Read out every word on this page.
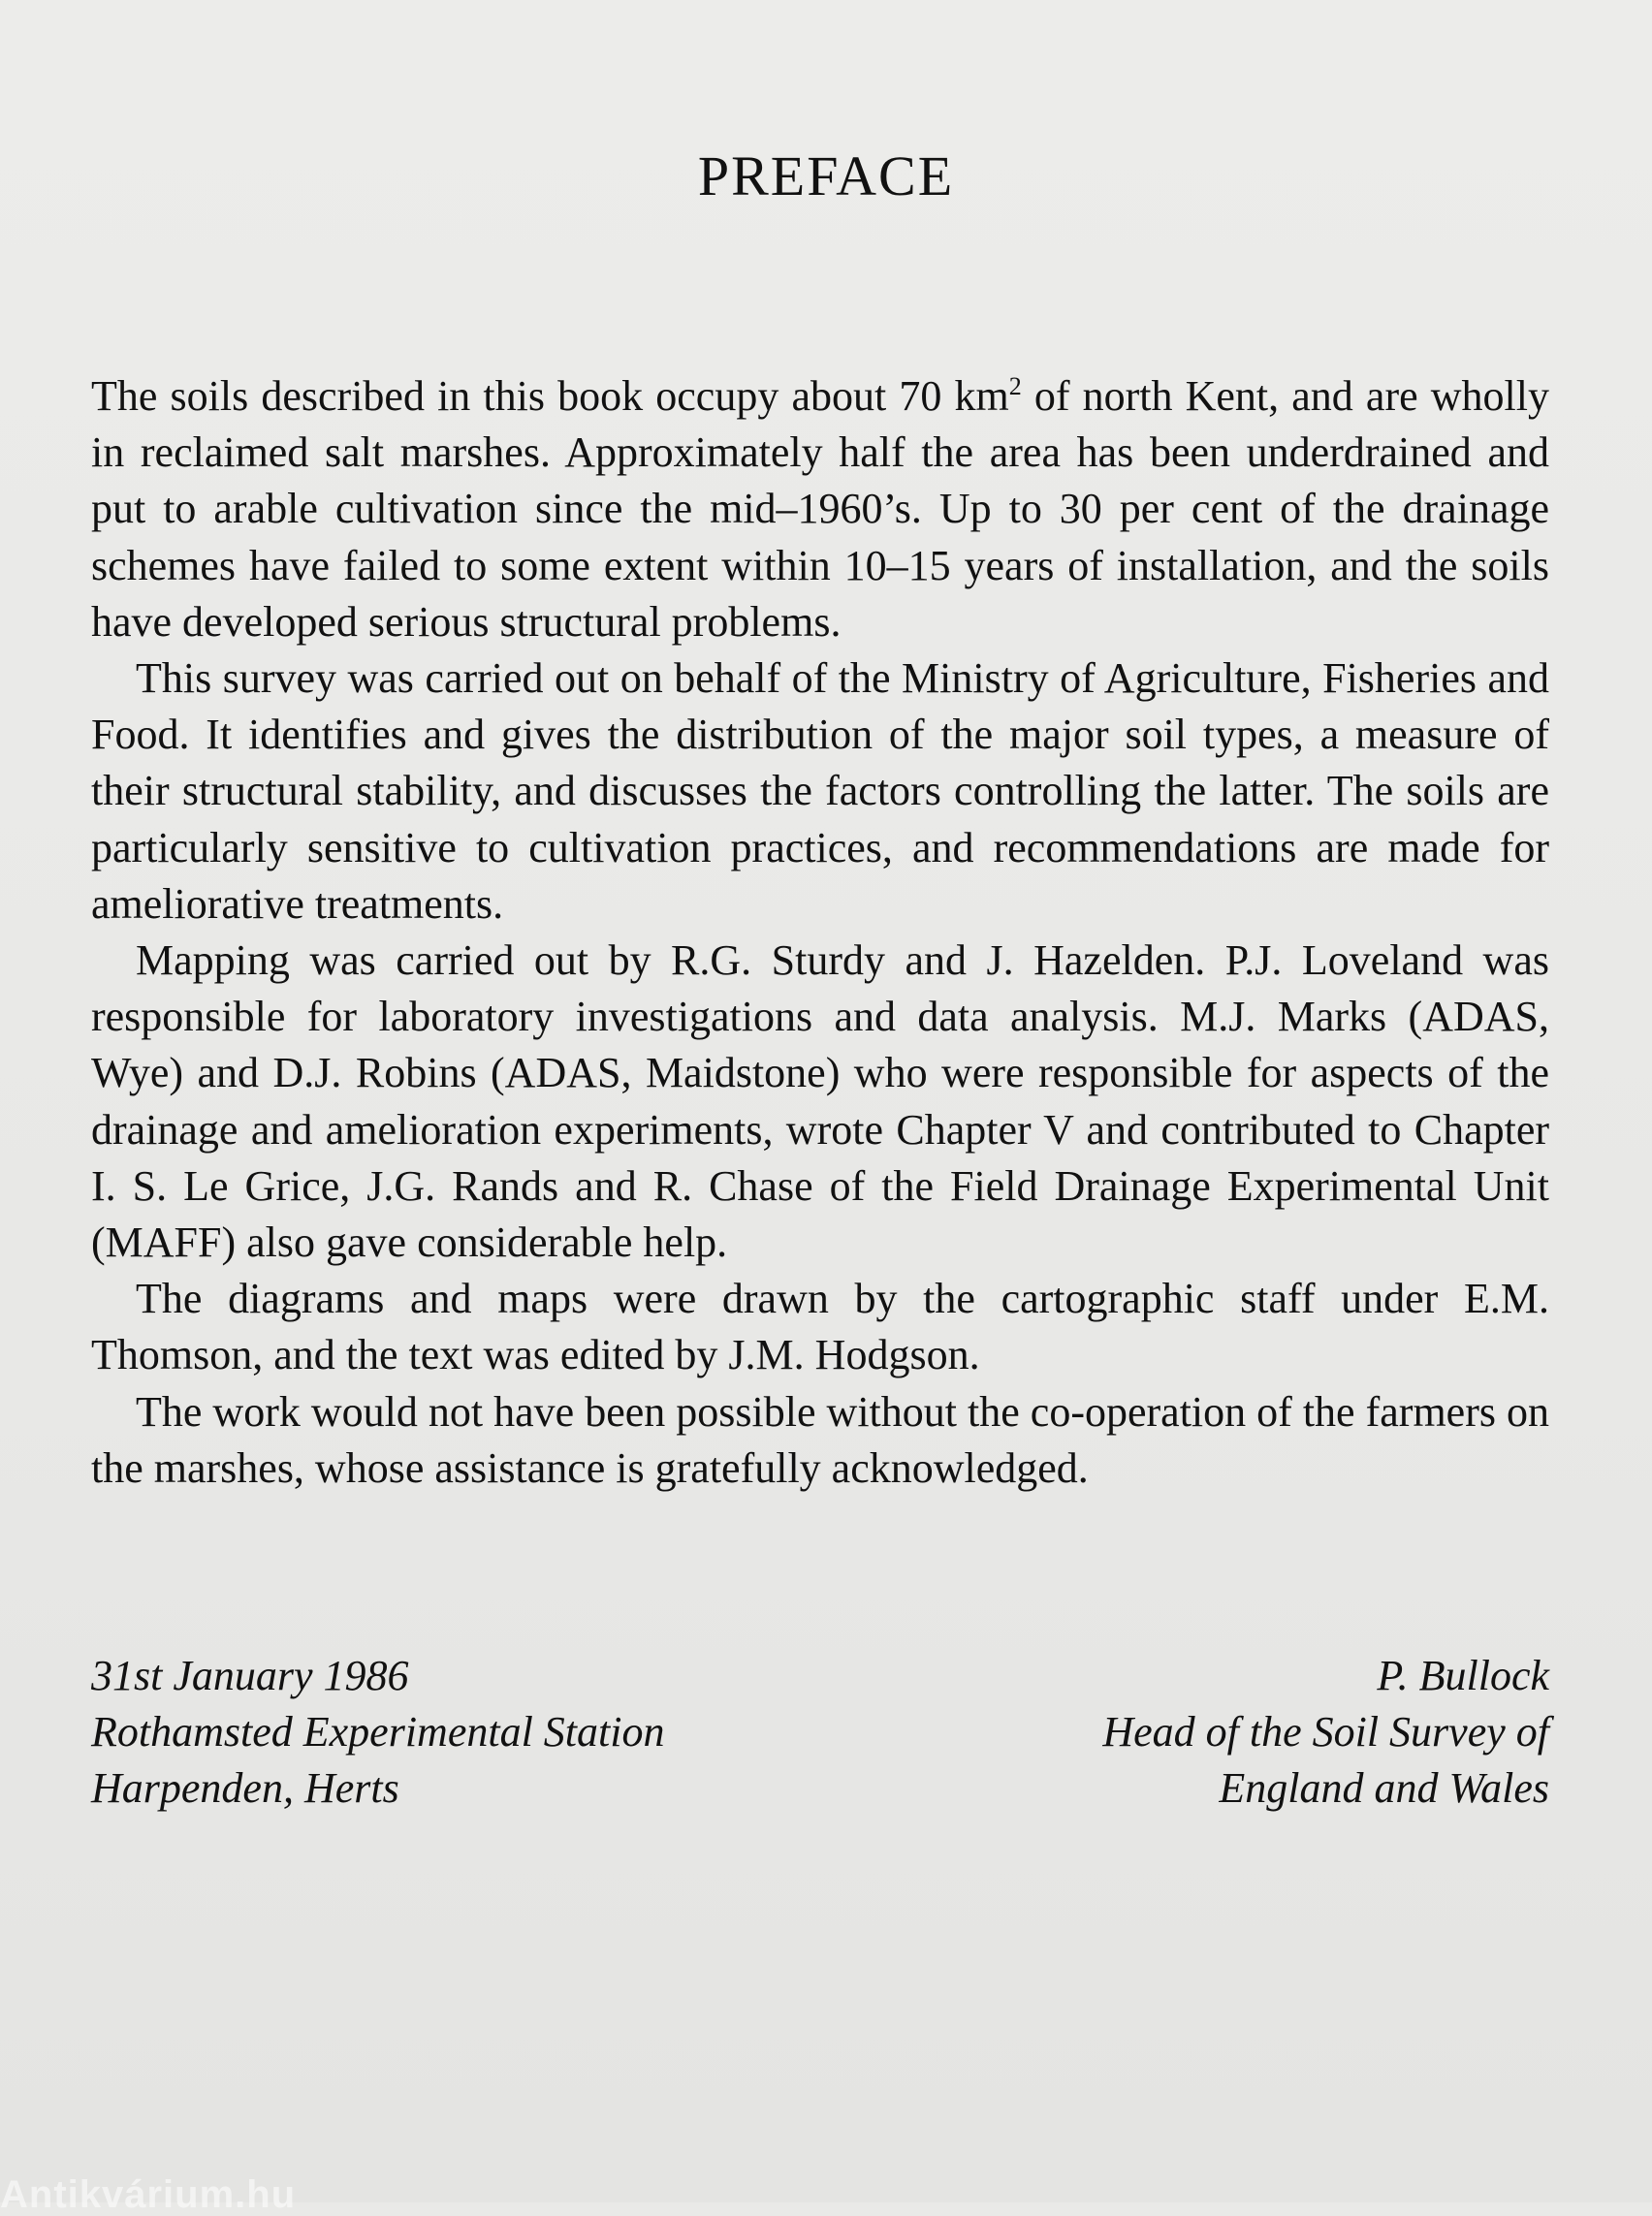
PREFACE

The soils described in this book occupy about 70 $km^2$ of north Kent, and are wholly in reclaimed salt marshes. Approximately half the area has been underdrained and put to arable cultivation since the mid–1960’s. Up to 30 per cent of the drainage schemes have failed to some extent within 10–15 years of installation, and the soils have developed serious structural problems.

This survey was carried out on behalf of the Ministry of Agriculture, Fisheries and Food. It identifies and gives the distribution of the major soil types, a measure of their structural stability, and discusses the factors controlling the latter. The soils are particularly sensitive to cultivation practices, and recommendations are made for ameliorative treatments.

Mapping was carried out by R.G. Sturdy and J. Hazelden. P.J. Loveland was responsible for laboratory investigations and data analysis. M.J. Marks (ADAS, Wye) and D.J. Robins (ADAS, Maidstone) who were responsible for aspects of the drainage and amelioration experiments, wrote Chapter V and contributed to Chapter I. S. Le Grice, J.G. Rands and R. Chase of the Field Drainage Experimental Unit (MAFF) also gave considerable help.

The diagrams and maps were drawn by the cartographic staff under E.M. Thomson, and the text was edited by J.M. Hodgson.

The work would not have been possible without the co-operation of the farmers on the marshes, whose assistance is gratefully acknowledged.

31st January 1986
Rothamsted Experimental Station
Harpenden, Herts
P. Bullock
Head of the Soil Survey of
England and Wales
Antikvárium.hu
